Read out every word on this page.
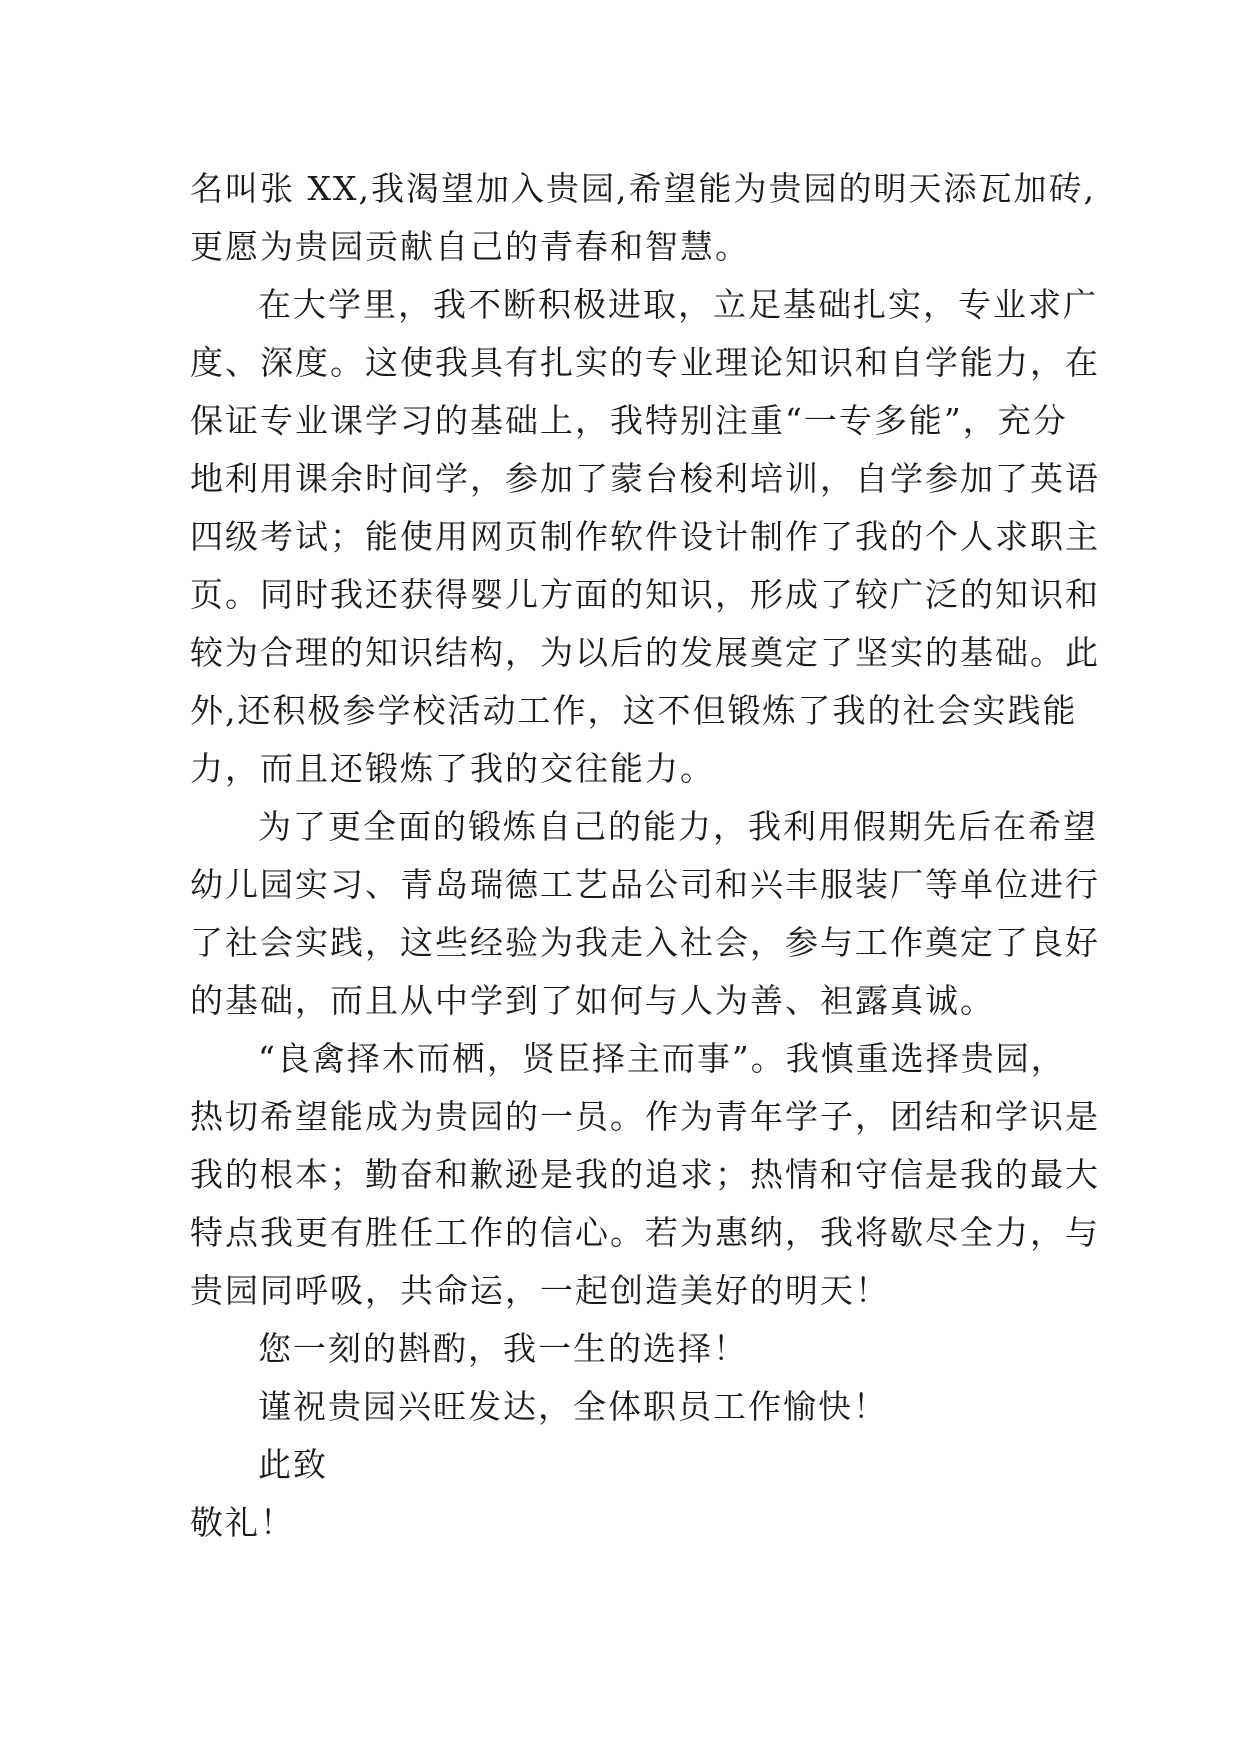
名叫张 XX,我渴望加入贵园,希望能为贵园的明天添瓦加砖,
更愿为贵园贡献自己的青春和智慧。
在大学里，我不断积极进取，立足基础扎实，专业求广
度、深度。这使我具有扎实的专业理论知识和自学能力，在
保证专业课学习的基础上，我特别注重“一专多能”，充分
地利用课余时间学，参加了蒙台梭利培训，自学参加了英语
四级考试；能使用网页制作软件设计制作了我的个人求职主
页。同时我还获得婴儿方面的知识，形成了较广泛的知识和
较为合理的知识结构，为以后的发展奠定了坚实的基础。此
外,还积极参学校活动工作，这不但锻炼了我的社会实践能
力，而且还锻炼了我的交往能力。
为了更全面的锻炼自己的能力，我利用假期先后在希望
幼儿园实习、青岛瑞德工艺品公司和兴丰服装厂等单位进行
了社会实践，这些经验为我走入社会，参与工作奠定了良好
的基础，而且从中学到了如何与人为善、袒露真诚。
“良禽择木而栖，贤臣择主而事”。我慎重选择贵园，
热切希望能成为贵园的一员。作为青年学子，团结和学识是
我的根本；勤奋和歉逊是我的追求；热情和守信是我的最大
特点我更有胜任工作的信心。若为惠纳，我将歇尽全力，与
贵园同呼吸，共命运，一起创造美好的明天！
您一刻的斟酌，我一生的选择！
谨祝贵园兴旺发达，全体职员工作愉快！
此致
敬礼！
